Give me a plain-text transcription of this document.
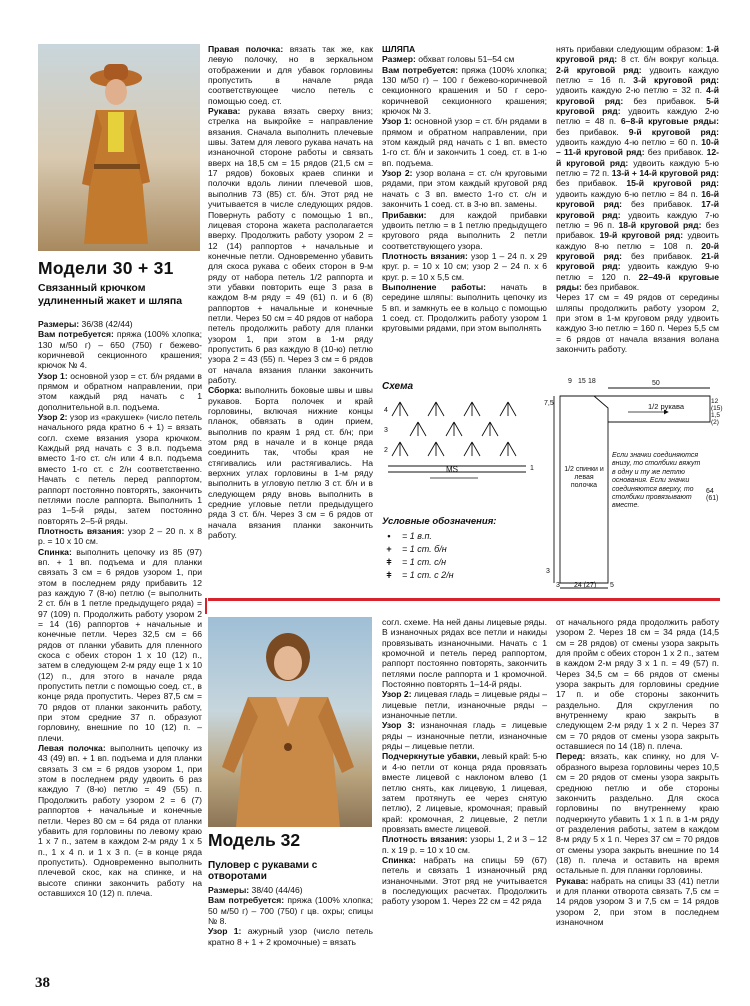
Модели 30 + 31
Связанный крючком удлиненный жакет и шляпа

Размеры: 36/38 (42/44)

Вам потребуется: пряжа (100% хлопка; 130 м/50 г) – 650 (750) г бежево-коричневой секционного крашения; крючок № 4.

Узор 1: основной узор = ст. б/н рядами в прямом и обратном направлении, при этом каждый ряд начать с 1 дополнительной в.п. подъема.

Узор 2: узор из «ракушек» (число петель начального ряда кратно 6 + 1) = вязать согл. схеме вязания узора крючком. Каждый ряд начать с 3 в.п. подъема вместо 1-го ст. с/н или 4 в.п. подъема вместо 1-го ст. с 2/н соответственно. Начать с петель перед раппортом, раппорт постоянно повторять, закончить петлями после раппорта. Выполнить 1 раз 1–5-й ряды, затем постоянно повторять 2–5-й ряды.

Плотность вязания: узор 2 – 20 п. х 8 р. = 10 х 10 см.

Спинка: выполнить цепочку из 85 (97) вп. + 1 вп. подъема и для планки связать 3 см = 6 рядов узором 1, при этом в последнем ряду прибавить 12 раз каждую 7 (8-ю) петлю (= выполнить 2 ст. б/н в 1 петле предыдущего ряда) = 97 (109) п. Продолжить работу узором 2 = 14 (16) раппортов + начальные и конечные петли. Через 32,5 см = 66 рядов от планки убавить для пленного скоса с обеих сторон 1 х 10 (12) п., затем в следующем 2-м ряду еще 1 х 10 (12) п., для этого в начале ряда пропустить петли с помощью соед. ст., в конце ряда пропустить. Через 87,5 см = 70 рядов от планки закончить работу, при этом средние 37 п. образуют горловину, внешние по 10 (12) п. – плечи.

Левая полочка: выполнить цепочку из 43 (49) вп. + 1 вп. подъема и для планки связать 3 см = 6 рядов узором 1, при этом в последнем ряду удвоить 6 раз каждую 7 (8-ю) петлю = 49 (55) п. Продолжить работу узором 2 = 6 (7) раппортов + начальные и конечные петли. Через 80 см = 64 ряда от планки убавить для горловины по левому краю 1 х 7 п., затем в каждом 2-м ряду 1 х 5 п., 1 х 4 п. и 1 х 3 п. (= в конце ряда пропустить). Одновременно выполнить плечевой скос, как на спинке, и на высоте спинки закончить работу на оставшихся 10 (12) п. плеча.

Правая полочка: вязать так же, как левую полочку, но в зеркальном отображении и для убавок горловины пропустить в начале ряда соответствующее число петель с помощью соед. ст.

Рукава: рукава вязать сверху вниз; стрелка на выкройке = направление вязания. Сначала выполнить плечевые швы. Затем для левого рукава начать на изнаночной стороне работы и связать вверх на 18,5 см = 15 рядов (21,5 см = 17 рядов) боковых краев спинки и полочки вдоль линии плечевой шов, выполнив 73 (85) ст. б/н. Этот ряд не учитывается в числе следующих рядов. Повернуть работу с помощью 1 вп., лицевая сторона жакета располагается вверху. Продолжить работу узором 2 = 12 (14) раппортов + начальные и конечные петли. Одновременно убавить для скоса рукава с обеих сторон в 9-м ряду от набора петель 1/2 раппорта и эти убавки повторить еще 3 раза в каждом 8-м ряду = 49 (61) п. и 6 (8) раппортов + начальные и конечные петли. Через 50 см = 40 рядов от набора петель продолжить работу для планки узором 1, при этом в 1-м ряду пропустить 6 раз каждую 8 (10-ю) петлю узора 2 = 43 (55) п. Через 3 см = 6 рядов от начала вязания планки закончить работу.

Сборка: выполнить боковые швы и швы рукавов. Борта полочек и край горловины, включая нижние концы планок, обвязать в один прием, выполнив по краям 1 ряд ст. б/н; при этом ряд в начале и в конце ряда соединить так, чтобы края не стягивались или растягивались. На верхних углах горловины в 1-м ряду выполнить в угловую петлю 3 ст. б/н и в следующем ряду вновь выполнить в средние угловые петли предыдущего ряда 3 ст. б/н. Через 3 см = 6 рядов от начала вязания планки закончить работу.

ШЛЯПА

Размер: обхват головы 51–54 см

Вам потребуется: пряжа (100% хлопка; 130 м/50 г) – 100 г бежево-коричневой секционного крашения и 50 г серо-коричневой секционного крашения; крючок № 3.

Узор 1: основной узор = ст. б/н рядами в прямом и обратном направлении, при этом каждый ряд начать с 1 вп. вместо 1-го ст. б/н и закончить 1 соед. ст. в 1-ю вп. подъема.

Узор 2: узор волана = ст. с/н круговыми рядами, при этом каждый круговой ряд начать с 3 вп. вместо 1-го ст. с/н и закончить 1 соед. ст. в 3-ю вп. замены.

Прибавки: для каждой прибавки удвоить петлю = в 1 петлю предыдущего кругового ряда выполнить 2 петли соответствующего узора.

Плотность вязания: узор 1 – 24 п. х 29 круг. р. = 10 х 10 см; узор 2 – 24 п. х 6 круг. р. = 10 х 5,5 см.

Выполнение работы: начать в середине шляпы: выполнить цепочку из 5 вп. и замкнуть ее в кольцо с помощью 1 соед. ст. Продолжить работу узором 1 круговыми рядами, при этом выполнять

нять прибавки следующим образом: 1-й круговой ряд: 8 ст. б/н вокруг кольца. 2-й круговой ряд: удвоить каждую петлю = 16 п. 3-й круговой ряд: удвоить каждую 2-ю петлю = 32 п. 4-й круговой ряд: без прибавок. 5-й круговой ряд: удвоить каждую 2-ю петлю = 48 п. 6–8-й круговые ряды: без прибавок. 9-й круговой ряд: удвоить каждую 4-ю петлю = 60 п. 10-й – 11-й круговой ряд: без прибавок. 12-й круговой ряд: удвоить каждую 5-ю петлю = 72 п. 13-й + 14-й круговой ряд: без прибавок. 15-й круговой ряд: удвоить каждую 6-ю петлю = 84 п. 16-й круговой ряд: без прибавок. 17-й круговой ряд: удвоить каждую 7-ю петлю = 96 п. 18-й круговой ряд: без прибавок. 19-й круговой ряд: удвоить каждую 8-ю петлю = 108 п. 20-й круговой ряд: без прибавок. 21-й круговой ряд: удвоить каждую 9-ю петлю = 120 п. 22–49-й круговые ряды: без прибавок.

Через 17 см = 49 рядов от середины шляпы продолжить работу узором 2, при этом в 1-м круговом ряду удвоить каждую 3-ю петлю = 160 п. Через 5,5 см = 6 рядов от начала вязания волана закончить работу.

Схема
4
3
2
1
MS
Условные обозначения:
•	= 1 в.п.
+	= 1 ст. б/н
ǂ	= 1 ст. с/н
ǂ	= 1 ст. с 2/н
9 15 18	50
1/2 рукава
1/2 спинки и левая полочка
Если значки соединяются внизу, то столбики вяжут в одну и ту же петлю основания. Если значки соединяются вверху, то столбики провязывают вместе.
7,5
3
64 (61)
12 (15)
1,5 (2)
3 24 (27) 5
Модель 32
Пуловер с рукавами с отворотами

Размеры: 38/40 (44/46)

Вам потребуется: пряжа (100% хлопка; 50 м/50 г) – 700 (750) г цв. охры; спицы № 8.

Узор 1: ажурный узор (число петель кратно 8 + 1 + 2 кромочные) = вязать

согл. схеме. На ней даны лицевые ряды. В изнаночных рядах все петли и накиды провязывать изнаночными. Начать с 1 кромочной и петель перед раппортом, раппорт постоянно повторять, закончить петлями после раппорта и 1 кромочной. Постоянно повторять 1–14-й ряды.

Узор 2: лицевая гладь = лицевые ряды – лицевые петли, изнаночные ряды – изнаночные петли.

Узор 3: изнаночная гладь = лицевые ряды – изнаночные петли, изнаночные ряды – лицевые петли.

Подчеркнутые убавки, левый край: 5-ю и 4-ю петли от конца ряда провязать вместе лицевой с наклоном влево (1 петлю снять, как лицевую, 1 лицевая, затем протянуть ее через снятую петлю), 2 лицевые, кромочная; правый край: кромочная, 2 лицевые, 2 петли провязать вместе лицевой.

Плотность вязания: узоры 1, 2 и 3 – 12 п. х 19 р. = 10 х 10 см.

Спинка: набрать на спицы 59 (67) петель и связать 1 изнаночный ряд изнаночными. Этот ряд не учитывается в последующих расчетах. Продолжить работу узором 1. Через 22 см = 42 ряда

от начального ряда продолжить работу узором 2. Через 18 см = 34 ряда (14,5 см = 28 рядов) от смены узора закрыть для пройм с обеих сторон 1 х 2 п., затем в каждом 2-м ряду 3 х 1 п. = 49 (57) п. Через 34,5 см = 66 рядов от смены узора закрыть для горловины средние 17 п. и обе стороны закончить раздельно. Для скругления по внутреннему краю закрыть в следующем 2-м ряду 1 х 2 п. Через 37 см = 70 рядов от смены узора закрыть оставшиеся по 14 (18) п. плеча.

Перед: вязать, как спинку, но для V-образного выреза горловины через 10,5 см = 20 рядов от смены узора закрыть среднюю петлю и обе стороны закончить раздельно. Для скоса горловины по внутреннему краю подчеркнуто убавить 1 х 1 п. в 1-м ряду от разделения работы, затем в каждом 8-м ряду 5 х 1 п. Через 37 см = 70 рядов от смены узора закрыть внешние по 14 (18) п. плеча и оставить на время остальные п. для планки горловины.

Рукава: набрать на спицы 33 (41) петли и для планки отворота связать 7,5 см = 14 рядов узором 3 и 7,5 см = 14 рядов узором 2, при этом в последнем изнаночном

38
